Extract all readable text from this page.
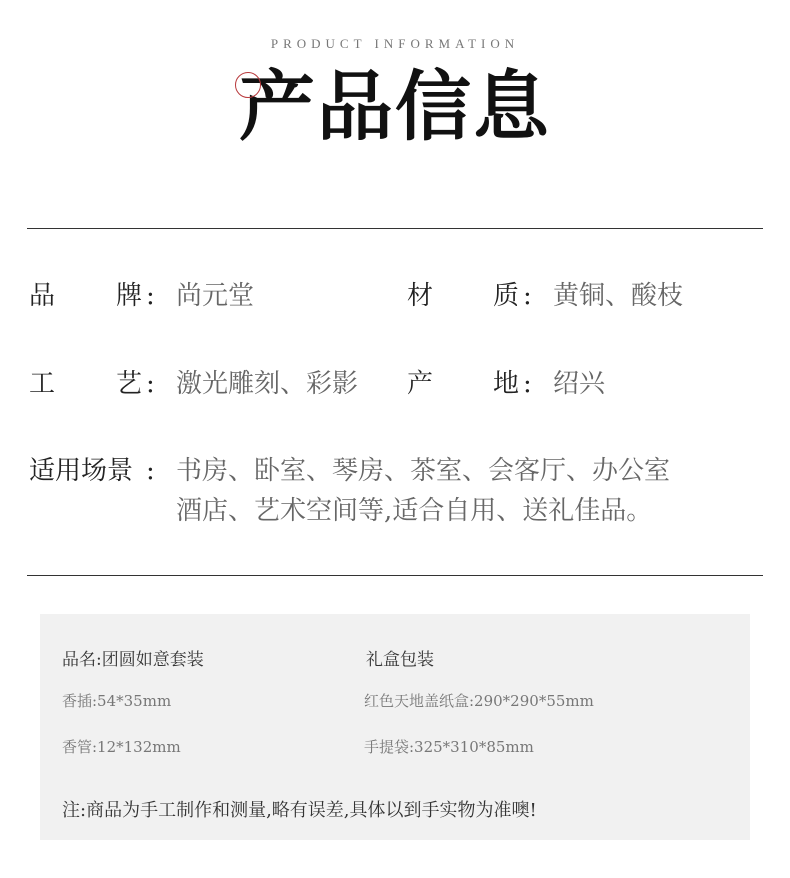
PRODUCT INFORMATION
产品信息
品 牌 : 尚元堂	材 质 : 黄铜、酸枝
工 艺 : 激光雕刻、彩影 产 地 : 绍兴
适用场景 : 书房、卧室、琴房、茶室、会客厅、办公室
酒店、艺术空间等,适合自用、送礼佳品。
品名:团圆如意套装	礼盒包装
香插:54*35mm	红色天地盖纸盒:290*290*55mm
香管:12*132mm	手提袋:325*310*85mm
注:商品为手工制作和测量,略有误差,具体以到手实物为准噢!
